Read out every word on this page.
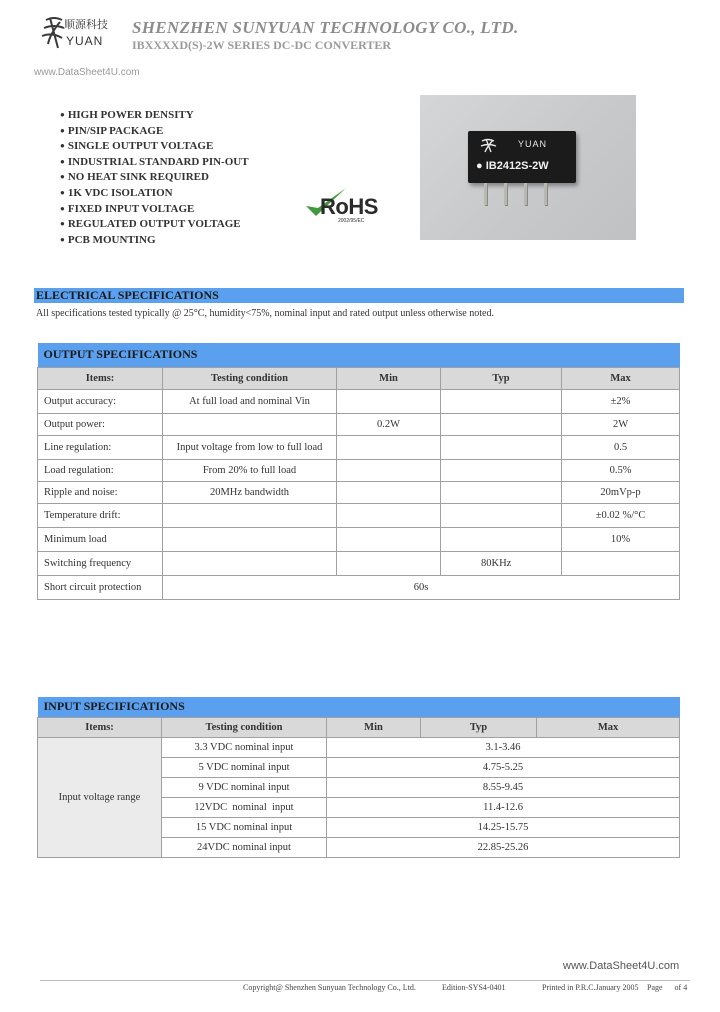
顺源科技
YUAN
SHENZHEN SUNYUAN TECHNOLOGY CO., LTD.
IBXXXXD(S)-2W SERIES DC-DC CONVERTER
www.DataSheet4U.com
● HIGH POWER DENSITY
● PIN/SIP PACKAGE
● SINGLE OUTPUT VOLTAGE
● INDUSTRIAL STANDARD PIN-OUT
● NO HEAT SINK REQUIRED
● 1K VDC ISOLATION
● FIXED INPUT VOLTAGE
● REGULATED OUTPUT VOLTAGE
● PCB MOUNTING
RoHS
2002/95/EC
YUAN
● IB2412S-2W
ELECTRICAL SPECIFICATIONS
All specifications tested typically @ 25°C, humidity<75%, nominal input and rated output unless otherwise noted.
OUTPUT SPECIFICATIONS				
Items:	Testing condition	Min	Typ	Max
Output accuracy:	At full load and nominal Vin			±2%
Output power:		0.2W		2W
Line regulation:	Input voltage from low to full load			0.5
Load regulation:	From 20% to full load			0.5%
Ripple and noise:	20MHz bandwidth			20mVp-p
Temperature drift:				±0.02 %/°C
Minimum load				10%
Switching frequency			80KHz	
Short circuit protection	60s			
INPUT SPECIFICATIONS				
Items:	Testing condition	Min	Typ	Max
Input voltage range	3.3 VDC nominal input	3.1-3.46		
	5 VDC nominal input	4.75-5.25		
	9 VDC nominal input	8.55-9.45		
	12VDC  nominal  input	11.4-12.6		
	15 VDC nominal input	14.25-15.75		
	24VDC nominal input	22.85-25.26		
www.DataSheet4U.com
Copyright@ Shenzhen Sunyuan Technology Co., Ltd.	Edition-SYS4-0401	Printed in P.R.C.January 2005 Page      of 4
